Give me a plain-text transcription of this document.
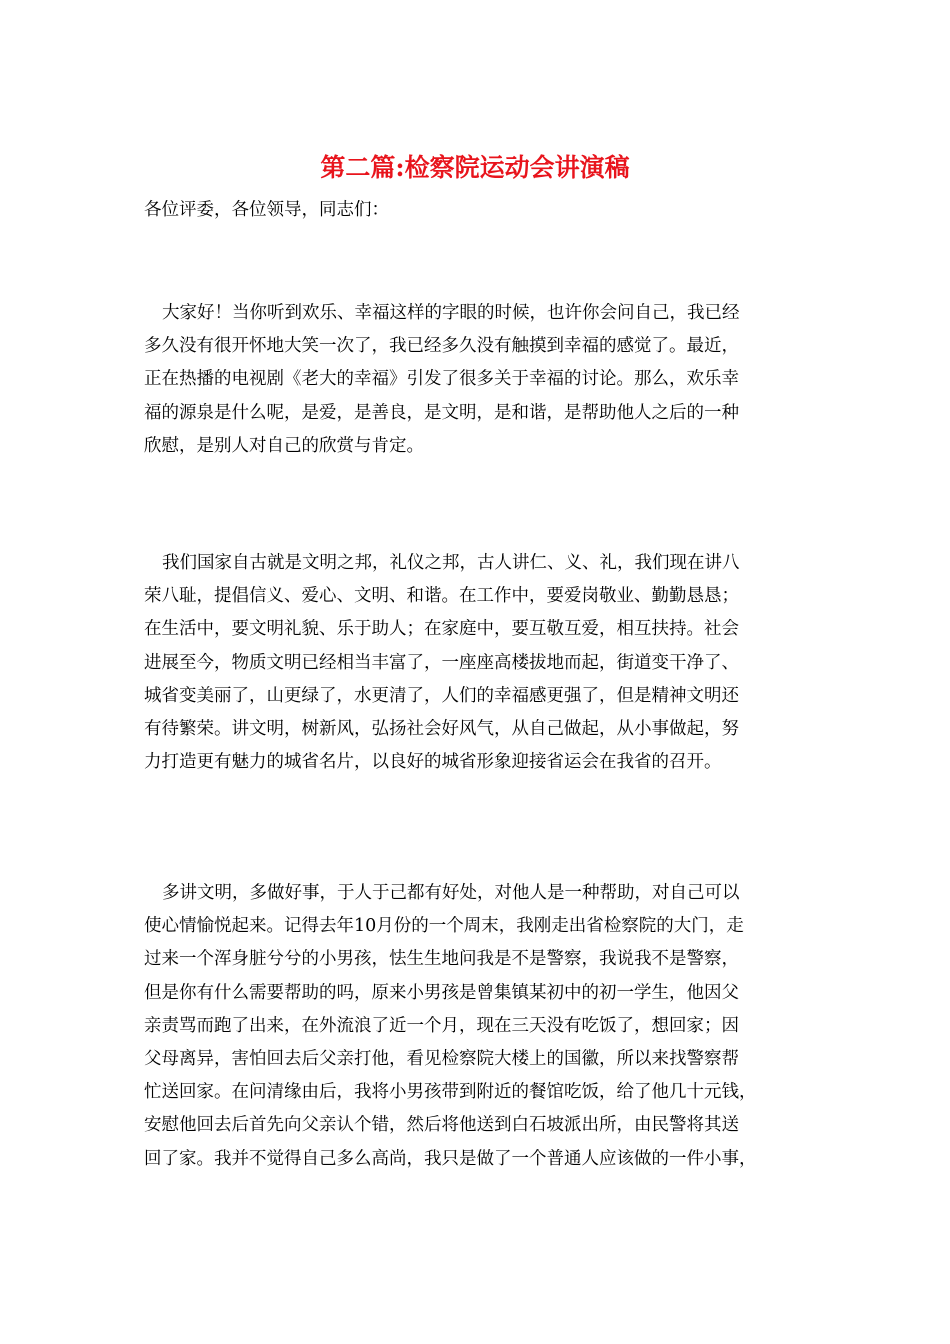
第二篇:检察院运动会讲演稿

各位评委，各位领导，同志们：

大家好！当你听到欢乐、幸福这样的字眼的时候，也许你会问自己，我已经
多久没有很开怀地大笑一次了，我已经多久没有触摸到幸福的感觉了。最近，
正在热播的电视剧《老大的幸福》引发了很多关于幸福的讨论。那么，欢乐幸
福的源泉是什么呢，是爱，是善良，是文明，是和谐，是帮助他人之后的一种
欣慰，是别人对自己的欣赏与肯定。

我们国家自古就是文明之邦，礼仪之邦，古人讲仁、义、礼，我们现在讲八
荣八耻，提倡信义、爱心、文明、和谐。在工作中，要爱岗敬业、勤勤恳恳；
在生活中，要文明礼貌、乐于助人；在家庭中，要互敬互爱，相互扶持。社会
进展至今，物质文明已经相当丰富了，一座座高楼拔地而起，街道变干净了、
城省变美丽了，山更绿了，水更清了，人们的幸福感更强了，但是精神文明还
有待繁荣。讲文明，树新风，弘扬社会好风气，从自己做起，从小事做起，努
力打造更有魅力的城省名片，以良好的城省形象迎接省运会在我省的召开。

多讲文明，多做好事，于人于己都有好处，对他人是一种帮助，对自己可以
使心情愉悦起来。记得去年10月份的一个周末，我刚走出省检察院的大门，走
过来一个浑身脏兮兮的小男孩，怯生生地问我是不是警察，我说我不是警察，
但是你有什么需要帮助的吗，原来小男孩是曾集镇某初中的初一学生，他因父
亲责骂而跑了出来，在外流浪了近一个月，现在三天没有吃饭了，想回家；因
父母离异，害怕回去后父亲打他，看见检察院大楼上的国徽，所以来找警察帮
忙送回家。在问清缘由后，我将小男孩带到附近的餐馆吃饭，给了他几十元钱，
安慰他回去后首先向父亲认个错，然后将他送到白石坡派出所，由民警将其送
回了家。我并不觉得自己多么高尚，我只是做了一个普通人应该做的一件小事，
